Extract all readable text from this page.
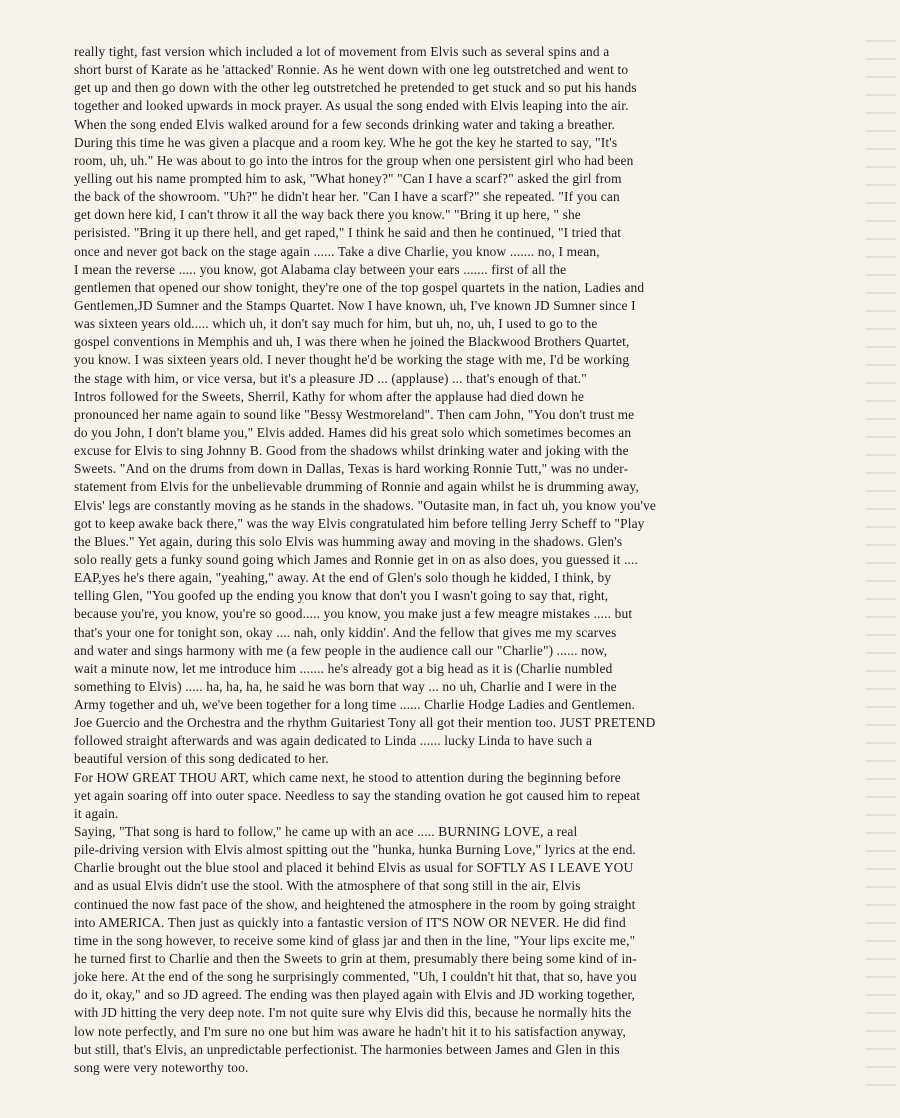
really tight, fast version which included a lot of movement from Elvis such as several spins and a
short burst of Karate as he 'attacked' Ronnie. As he went down with one leg outstretched and went to
get up and then go down with the other leg outstretched he pretended to get stuck and so put his hands
together and looked upwards in mock prayer. As usual the song ended with Elvis leaping into the air.
When the song ended Elvis walked around for a few seconds drinking water and taking a breather.
During this time he was given a placque and a room key. Whe he got the key he started to say, "It's
room, uh, uh." He was about to go into the intros for the group when one persistent girl who had been
yelling out his name prompted him to ask, "What honey?" "Can I have a scarf?" asked the girl from
the back of the showroom. "Uh?" he didn't hear her. "Can I have a scarf?" she repeated. "If you can
get down here kid, I can't throw it all the way back there you know." "Bring it up here, " she
perisisted. "Bring it up there hell, and get raped," I think he said and then he continued, "I tried that
once and never got back on the stage again ...... Take a dive Charlie, you know ....... no, I mean,
I mean the reverse ..... you know, got Alabama clay between your ears ....... first of all the
gentlemen that opened our show tonight, they're one of the top gospel quartets in the nation, Ladies and
Gentlemen,JD Sumner and the Stamps Quartet. Now I have known, uh, I've known JD Sumner since I
was sixteen years old..... which uh, it don't say much for him, but uh, no, uh, I used to go to the
gospel conventions in Memphis and uh, I was there when he joined the Blackwood Brothers Quartet,
you know. I was sixteen years old. I never thought he'd be working the stage with me, I'd be working
the stage with him, or vice versa, but it's a pleasure JD ... (applause) ... that's enough of that."
Intros followed for the Sweets, Sherril, Kathy for whom after the applause had died down he
pronounced her name again to sound like "Bessy Westmoreland". Then cam John, "You don't trust me
do you John, I don't blame you," Elvis added. Hames did his great solo which sometimes becomes an
excuse for Elvis to sing Johnny B. Good from the shadows whilst drinking water and joking with the
Sweets. "And on the drums from down in Dallas, Texas is hard working Ronnie Tutt," was no under-
statement from Elvis for the unbelievable drumming of Ronnie and again whilst he is drumming away,
Elvis' legs are constantly moving as he stands in the shadows. "Outasite man, in fact uh, you know you've
got to keep awake back there," was the way Elvis congratulated him before telling Jerry Scheff to "Play
the Blues." Yet again, during this solo Elvis was humming away and moving in the shadows. Glen's
solo really gets a funky sound going which James and Ronnie get in on as also does, you guessed it ....
EAP,yes he's there again, "yeahing," away. At the end of Glen's solo though he kidded, I think, by
telling Glen, "You goofed up the ending you know that don't you I wasn't going to say that, right,
because you're, you know, you're so good..... you know, you make just a few meagre mistakes ..... but
that's your one for tonight son, okay .... nah, only kiddin'. And the fellow that gives me my scarves
and water and sings harmony with me (a few people in the audience call our "Charlie") ...... now,
wait a minute now, let me introduce him ....... he's already got a big head as it is (Charlie numbled
something to Elvis) ..... ha, ha, ha, he said he was born that way ... no uh, Charlie and I were in the
Army together and uh, we've been together for a long time ...... Charlie Hodge Ladies and Gentlemen.
Joe Guercio and the Orchestra and the rhythm Guitariest Tony all got their mention too. JUST PRETEND
followed straight afterwards and was again dedicated to Linda ...... lucky Linda to have such a
beautiful version of this song dedicated to her.
For HOW GREAT THOU ART, which came next, he stood to attention during the beginning before
yet again soaring off into outer space. Needless to say the standing ovation he got caused him to repeat
it again.
Saying, "That song is hard to follow," he came up with an ace ..... BURNING LOVE, a real
pile-driving version with Elvis almost spitting out the "hunka, hunka Burning Love," lyrics at the end.
Charlie brought out the blue stool and placed it behind Elvis as usual for SOFTLY AS I LEAVE YOU
and as usual Elvis didn't use the stool. With the atmosphere of that song still in the air, Elvis
continued the now fast pace of the show, and heightened the atmosphere in the room by going straight
into AMERICA. Then just as quickly into a fantastic version of IT'S NOW OR NEVER. He did find
time in the song however, to receive some kind of glass jar and then in the line, "Your lips excite me,"
he turned first to Charlie and then the Sweets to grin at them, presumably there being some kind of in-
joke here. At the end of the song he surprisingly commented, "Uh, I couldn't hit that, that so, have you
do it, okay," and so JD agreed. The ending was then played again with Elvis and JD working together,
with JD hitting the very deep note. I'm not quite sure why Elvis did this, because he normally hits the
low note perfectly, and I'm sure no one but him was aware he hadn't hit it to his satisfaction anyway,
but still, that's Elvis, an unpredictable perfectionist. The harmonies between James and Glen in this
song were very noteworthy too.
